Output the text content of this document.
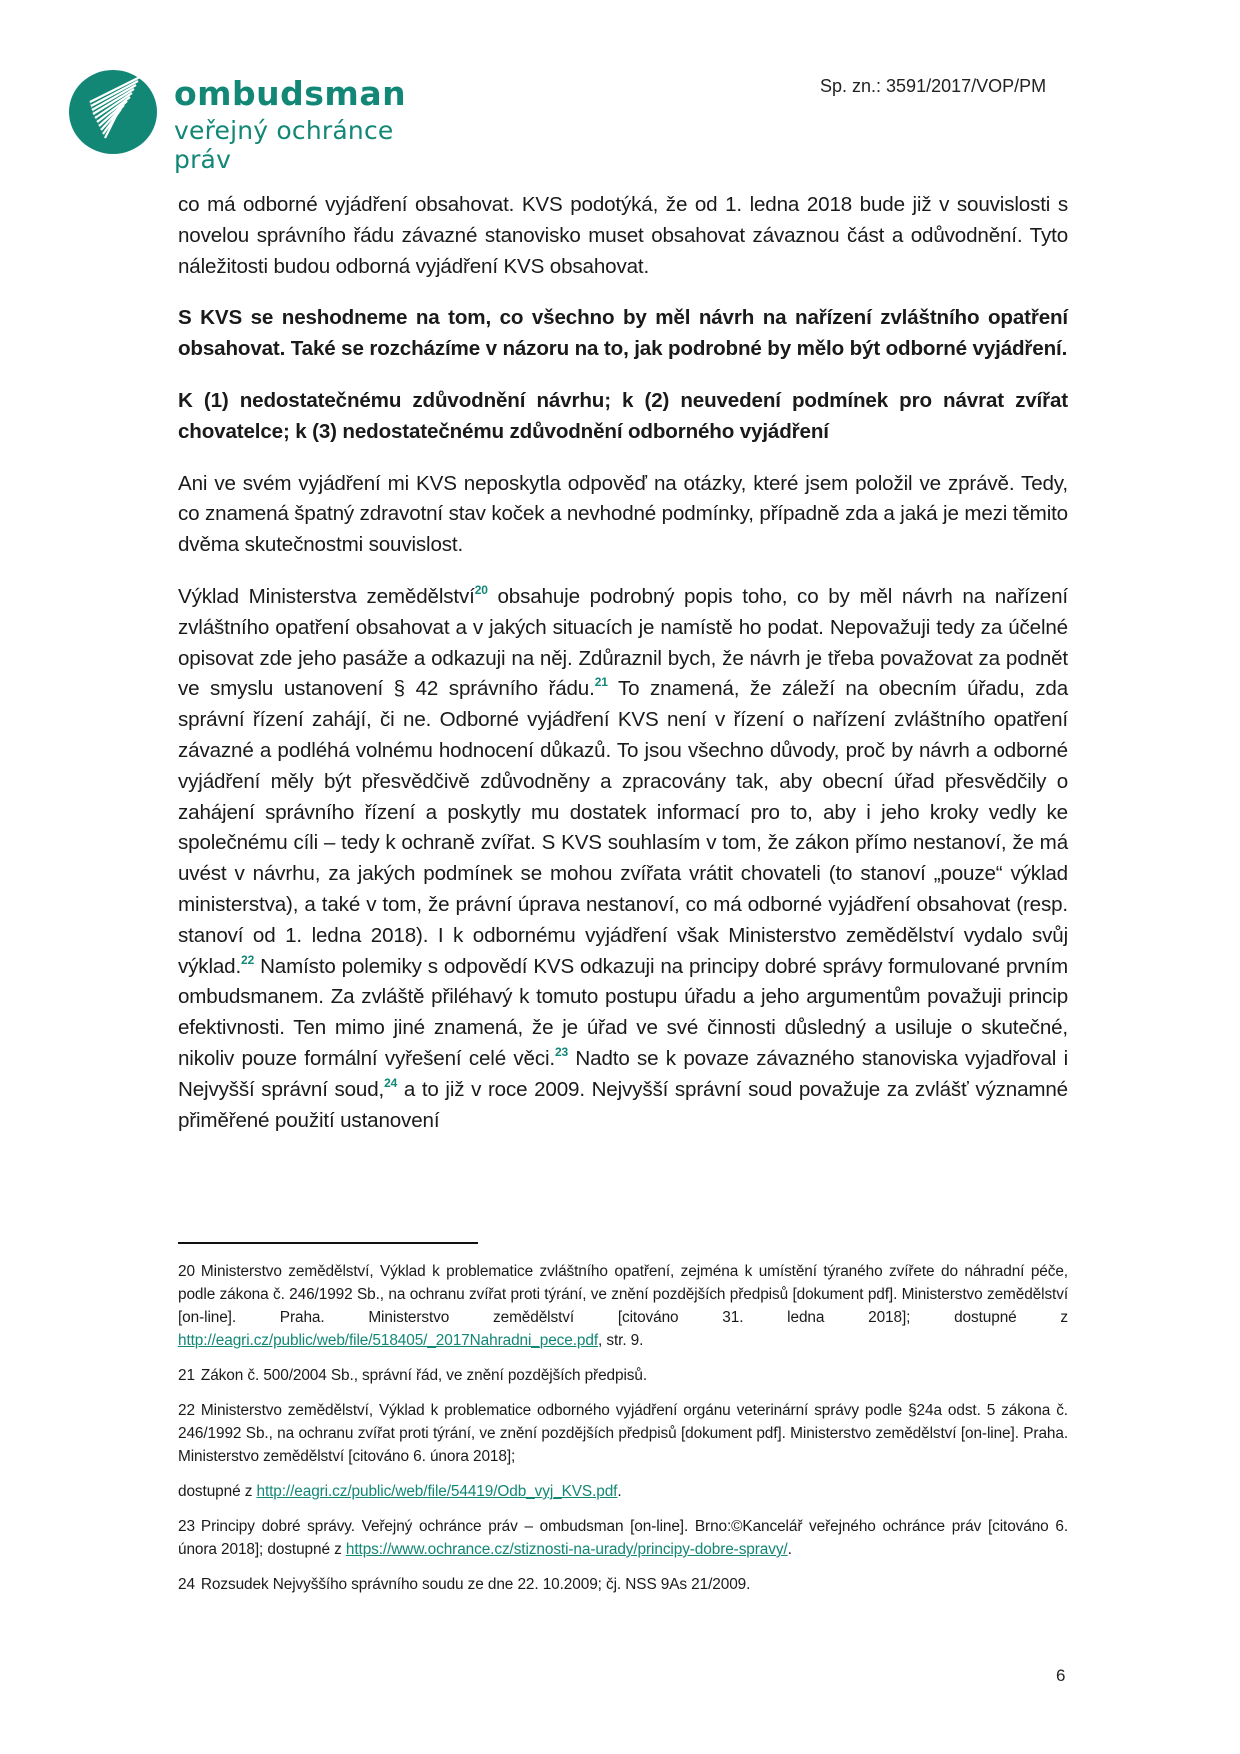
ombudsman
veřejný ochránce práv
Sp. zn.: 3591/2017/VOP/PM

co má odborné vyjádření obsahovat. KVS podotýká, že od 1. ledna 2018 bude již v souvislosti s novelou správního řádu závazné stanovisko muset obsahovat závaznou část a odůvodnění. Tyto náležitosti budou odborná vyjádření KVS obsahovat.

S KVS se neshodneme na tom, co všechno by měl návrh na nařízení zvláštního opatření obsahovat. Také se rozcházíme v názoru na to, jak podrobné by mělo být odborné vyjádření.

K (1) nedostatečnému zdůvodnění návrhu; k (2) neuvedení podmínek pro návrat zvířat chovatelce; k (3) nedostatečnému zdůvodnění odborného vyjádření

Ani ve svém vyjádření mi KVS neposkytla odpověď na otázky, které jsem položil ve zprávě. Tedy, co znamená špatný zdravotní stav koček a nevhodné podmínky, případně zda a jaká je mezi těmito dvěma skutečnostmi souvislost.

Výklad Ministerstva zemědělství$^{20}$ obsahuje podrobný popis toho, co by měl návrh na nařízení zvláštního opatření obsahovat a v jakých situacích je namístě ho podat. Nepovažuji tedy za účelné opisovat zde jeho pasáže a odkazuji na něj. Zdůraznil bych, že návrh je třeba považovat za podnět ve smyslu ustanovení § 42 správního řádu.$^{21}$ To znamená, že záleží na obecním úřadu, zda správní řízení zahájí, či ne. Odborné vyjádření KVS není v řízení o nařízení zvláštního opatření závazné a podléhá volnému hodnocení důkazů. To jsou všechno důvody, proč by návrh a odborné vyjádření měly být přesvědčivě zdůvodněny a zpracovány tak, aby obecní úřad přesvědčily o zahájení správního řízení a poskytly mu dostatek informací pro to, aby i jeho kroky vedly ke společnému cíli – tedy k ochraně zvířat. S KVS souhlasím v tom, že zákon přímo nestanoví, že má uvést v návrhu, za jakých podmínek se mohou zvířata vrátit chovateli (to stanoví „pouze“ výklad ministerstva), a také v tom, že právní úprava nestanoví, co má odborné vyjádření obsahovat (resp. stanoví od 1. ledna 2018). I k odbornému vyjádření však Ministerstvo zemědělství vydalo svůj výklad.$^{22}$ Namísto polemiky s odpovědí KVS odkazuji na principy dobré správy formulované prvním ombudsmanem. Za zvláště přiléhavý k tomuto postupu úřadu a jeho argumentům považuji princip efektivnosti. Ten mimo jiné znamená, že je úřad ve své činnosti důsledný a usiluje o skutečné, nikoliv pouze formální vyřešení celé věci.$^{23}$ Nadto se k povaze závazného stanoviska vyjadřoval i Nejvyšší správní soud,$^{24}$ a to již v roce 2009. Nejvyšší správní soud považuje za zvlášť významné přiměřené použití ustanovení

20 Ministerstvo zemědělství, Výklad k problematice zvláštního opatření, zejména k umístění týraného zvířete do náhradní péče, podle zákona č. 246/1992 Sb., na ochranu zvířat proti týrání, ve znění pozdějších předpisů [dokument pdf]. Ministerstvo zemědělství [on-line]. Praha. Ministerstvo zemědělství [citováno 31. ledna 2018]; dostupné z http://eagri.cz/public/web/file/518405/_2017Nahradni_pece.pdf, str. 9.

21 Zákon č. 500/2004 Sb., správní řád, ve znění pozdějších předpisů.

22 Ministerstvo zemědělství, Výklad k problematice odborného vyjádření orgánu veterinární správy podle §24a odst. 5 zákona č. 246/1992 Sb., na ochranu zvířat proti týrání, ve znění pozdějších předpisů [dokument pdf]. Ministerstvo zemědělství [on-line]. Praha. Ministerstvo zemědělství [citováno 6. února 2018];

dostupné z http://eagri.cz/public/web/file/54419/Odb_vyj_KVS.pdf.

23 Principy dobré správy. Veřejný ochránce práv – ombudsman [on-line]. Brno:©Kancelář veřejného ochránce práv [citováno 6. února 2018]; dostupné z https://www.ochrance.cz/stiznosti-na-urady/principy-dobre-spravy/.

24 Rozsudek Nejvyššího správního soudu ze dne 22. 10.2009; čj. NSS 9As 21/2009.

6
